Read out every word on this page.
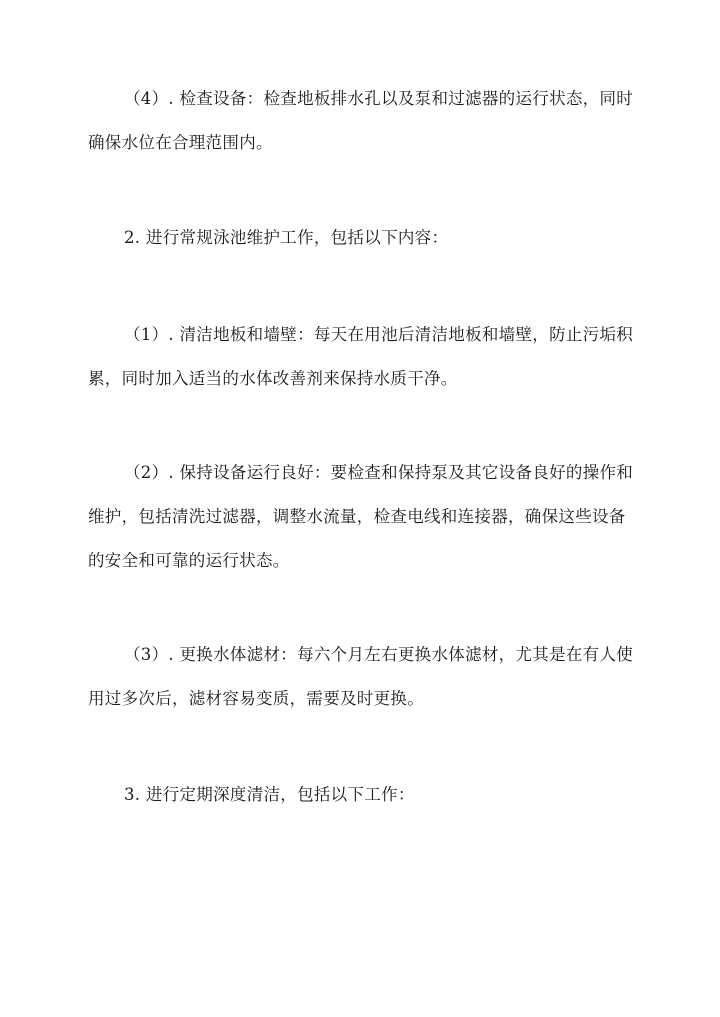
（4）. 检查设备：检查地板排水孔以及泵和过滤器的运行状态，同时确保水位在合理范围内。

2. 进行常规泳池维护工作，包括以下内容：

（1）. 清洁地板和墙壁：每天在用池后清洁地板和墙壁，防止污垢积累，同时加入适当的水体改善剂来保持水质干净。

（2）. 保持设备运行良好：要检查和保持泵及其它设备良好的操作和维护，包括清洗过滤器，调整水流量，检查电线和连接器，确保这些设备的安全和可靠的运行状态。

（3）. 更换水体滤材：每六个月左右更换水体滤材，尤其是在有人使用过多次后，滤材容易变质，需要及时更换。

3. 进行定期深度清洁，包括以下工作：
